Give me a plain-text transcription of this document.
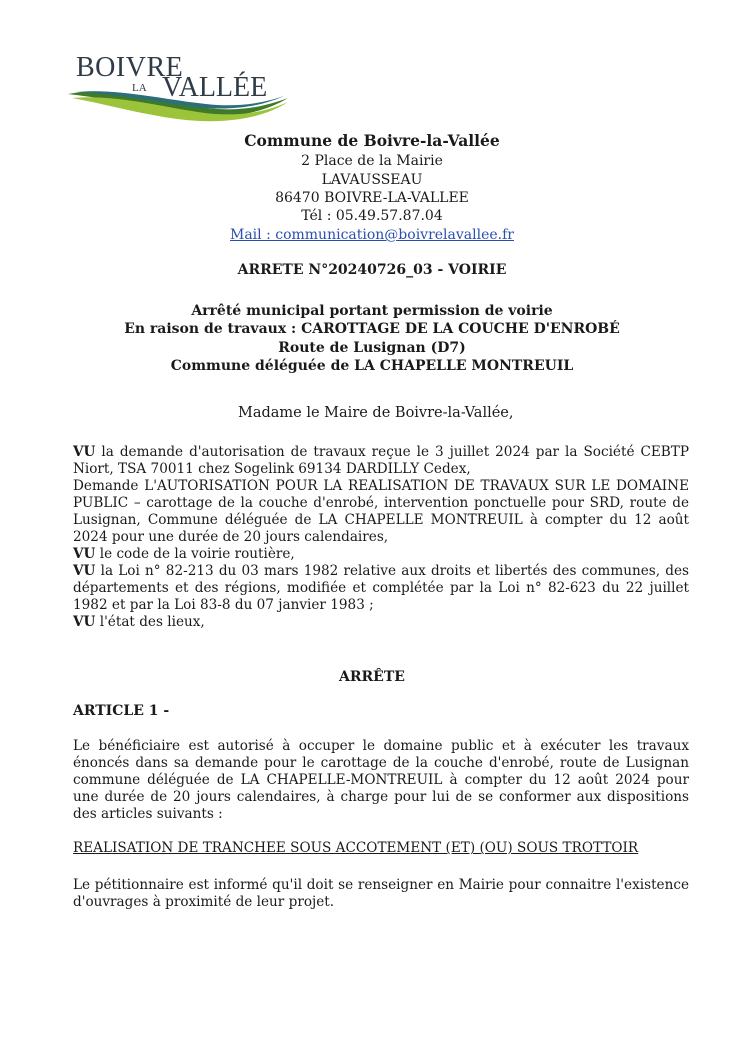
BOIVRE
LA VALLÉE
Commune de Boivre-la-Vallée
2 Place de la Mairie
LAVAUSSEAU
86470 BOIVRE-LA-VALLEE
Tél : 05.49.57.87.04
Mail : communication@boivrelavallee.fr
ARRETE N°20240726_03 - VOIRIE
Arrêté municipal portant permission de voirie
En raison de travaux : CAROTTAGE DE LA COUCHE D'ENROBÉ
Route de Lusignan (D7)
Commune déléguée de LA CHAPELLE MONTREUIL
Madame le Maire de Boivre-la-Vallée,

VU la demande d'autorisation de travaux reçue le 3 juillet 2024 par la Société CEBTP Niort, TSA 70011 chez Sogelink 69134 DARDILLY Cedex,

Demande L'AUTORISATION POUR LA REALISATION DE TRAVAUX SUR LE DOMAINE PUBLIC – carottage de la couche d'enrobé, intervention ponctuelle pour SRD, route de Lusignan, Commune déléguée de LA CHAPELLE MONTREUIL à compter du 12 août 2024 pour une durée de 20 jours calendaires,

VU le code de la voirie routière,

VU la Loi n° 82-213 du 03 mars 1982 relative aux droits et libertés des communes, des départements et des régions, modifiée et complétée par la Loi n° 82-623 du 22 juillet 1982 et par la Loi 83-8 du 07 janvier 1983 ;

VU l'état des lieux,

ARRÊTE
ARTICLE 1 -
Le bénéficiaire est autorisé à occuper le domaine public et à exécuter les travaux énoncés dans sa demande pour le carottage de la couche d'enrobé, route de Lusignan commune déléguée de LA CHAPELLE-MONTREUIL à compter du 12 août 2024 pour une durée de 20 jours calendaires, à charge pour lui de se conformer aux dispositions des articles suivants :
REALISATION DE TRANCHEE SOUS ACCOTEMENT (ET) (OU) SOUS TROTTOIR
Le pétitionnaire est informé qu'il doit se renseigner en Mairie pour connaitre l'existence d'ouvrages à proximité de leur projet.
